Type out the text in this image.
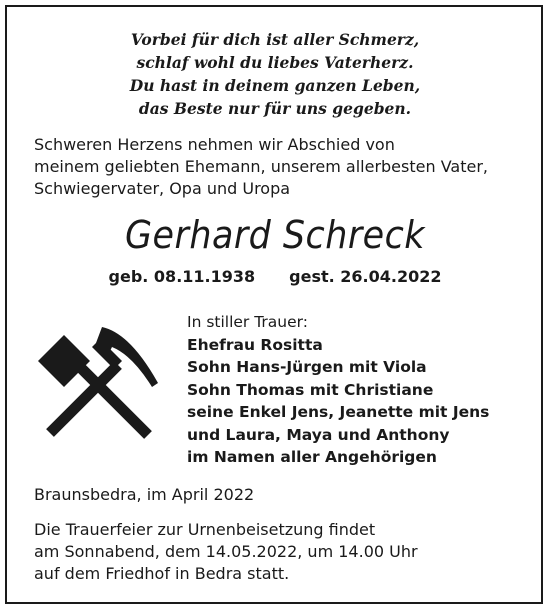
Vorbei für dich ist aller Schmerz,
schlaf wohl du liebes Vaterherz.
Du hast in deinem ganzen Leben,
das Beste nur für uns gegeben.
Schweren Herzens nehmen wir Abschied von
meinem geliebten Ehemann, unserem allerbesten Vater,
Schwiegervater, Opa und Uropa
Gerhard Schreck
geb. 08.11.1938 gest. 26.04.2022
In stiller Trauer:
Ehefrau Rositta
Sohn Hans-Jürgen mit Viola
Sohn Thomas mit Christiane
seine Enkel Jens, Jeanette mit Jens
und Laura, Maya und Anthony
im Namen aller Angehörigen
Braunsbedra, im April 2022
Die Trauerfeier zur Urnenbeisetzung findet
am Sonnabend, dem 14.05.2022, um 14.00 Uhr
auf dem Friedhof in Bedra statt.
